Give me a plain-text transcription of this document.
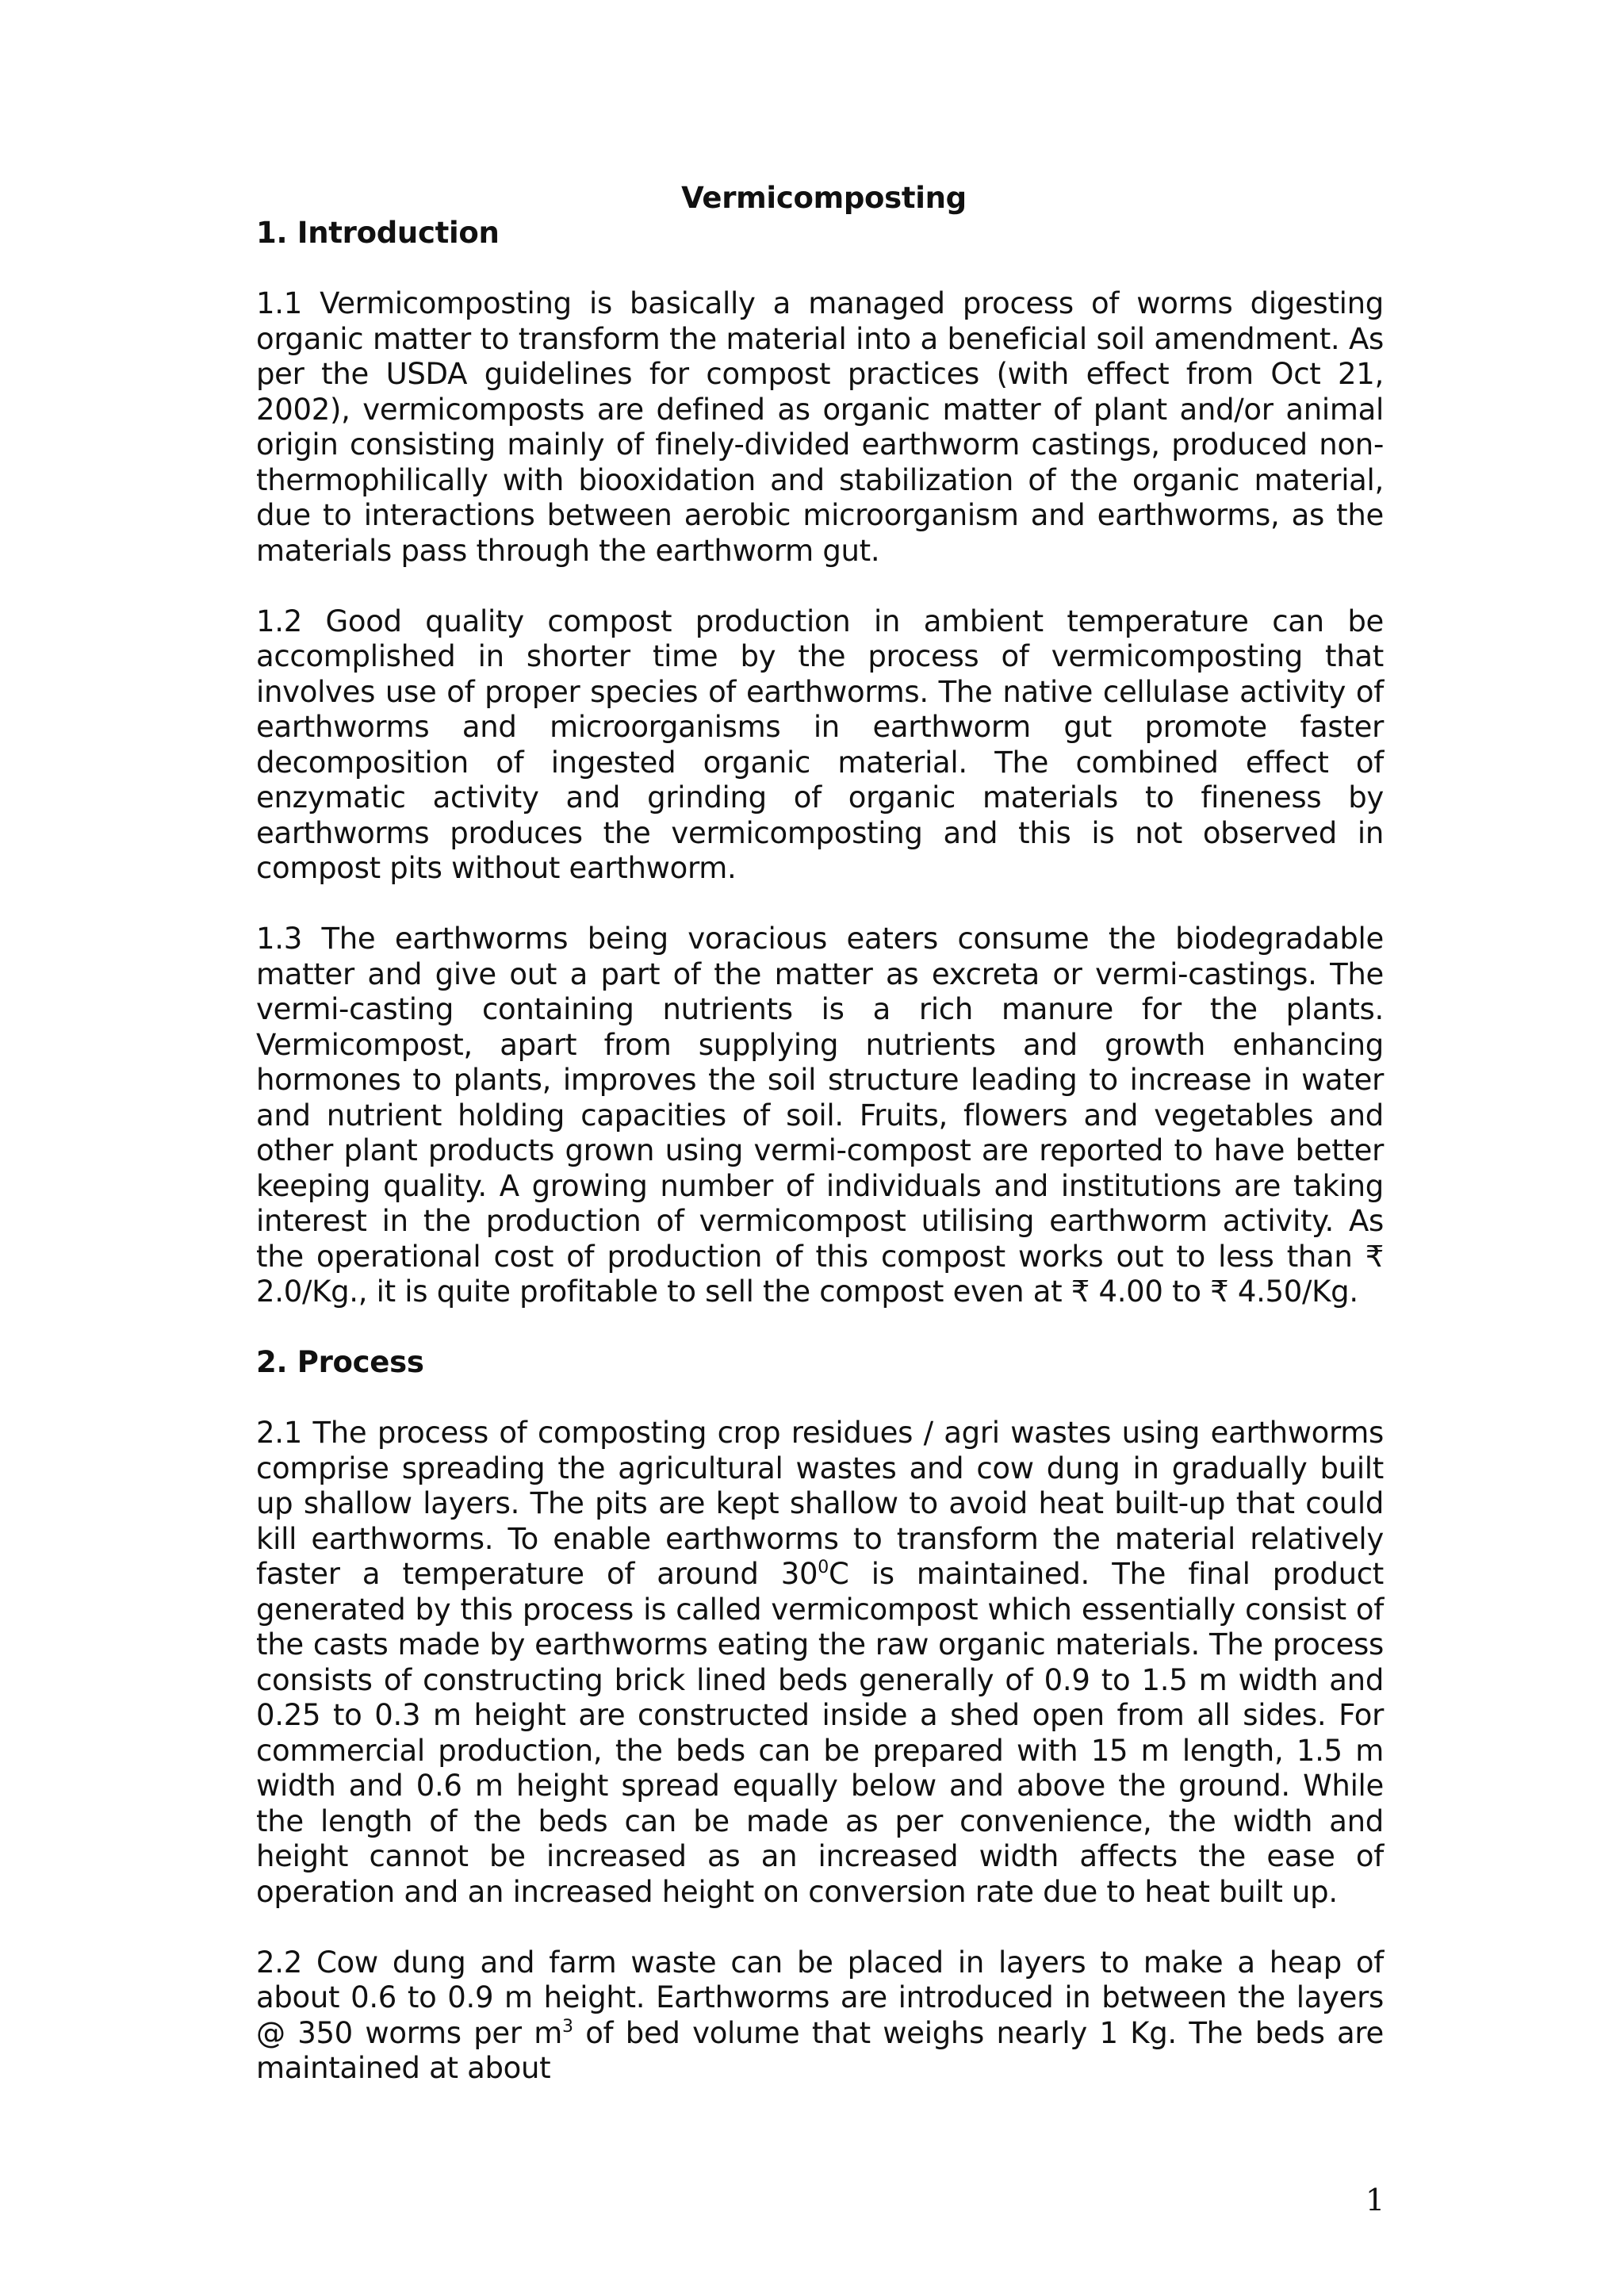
Vermicomposting
1. Introduction

1.1 Vermicomposting is basically a managed process of worms digesting organic matter to transform the material into a beneficial soil amendment. As per the USDA guidelines for compost practices (with effect from Oct 21, 2002), vermicomposts are defined as organic matter of plant and/or animal origin consisting mainly of finely-divided earthworm castings, produced non-thermophilically with biooxidation and stabilization of the organic material, due to interactions between aerobic microorganism and earthworms, as the materials pass through the earthworm gut.

1.2 Good quality compost production in ambient temperature can be accomplished in shorter time by the process of vermicomposting that involves use of proper species of earthworms. The native cellulase activity of earthworms and microorganisms in earthworm gut promote faster decomposition of ingested organic material. The combined effect of enzymatic activity and grinding of organic materials to fineness by earthworms produces the vermicomposting and this is not observed in compost pits without earthworm.

1.3 The earthworms being voracious eaters consume the biodegradable matter and give out a part of the matter as excreta or vermi-castings. The vermi-casting containing nutrients is a rich manure for the plants. Vermicompost, apart from supplying nutrients and growth enhancing hormones to plants, improves the soil structure leading to increase in water and nutrient holding capacities of soil. Fruits, flowers and vegetables and other plant products grown using vermi-compost are reported to have better keeping quality. A growing number of individuals and institutions are taking interest in the production of vermicompost utilising earthworm activity. As the operational cost of production of this compost works out to less than ₹ 2.0/Kg., it is quite profitable to sell the compost even at ₹ 4.00 to ₹ 4.50/Kg.

2. Process

2.1 The process of composting crop residues / agri wastes using earthworms comprise spreading the agricultural wastes and cow dung in gradually built up shallow layers. The pits are kept shallow to avoid heat built-up that could kill earthworms. To enable earthworms to transform the material relatively faster a temperature of around $30^0C$ is maintained. The final product generated by this process is called vermicompost which essentially consist of the casts made by earthworms eating the raw organic materials. The process consists of constructing brick lined beds generally of 0.9 to 1.5 m width and 0.25 to 0.3 m height are constructed inside a shed open from all sides. For commercial production, the beds can be prepared with 15 m length, 1.5 m width and 0.6 m height spread equally below and above the ground. While the length of the beds can be made as per convenience, the width and height cannot be increased as an increased width affects the ease of operation and an increased height on conversion rate due to heat built up.

2.2 Cow dung and farm waste can be placed in layers to make a heap of about 0.6 to 0.9 m height. Earthworms are introduced in between the layers @ 350 worms per $m^3$ of bed volume that weighs nearly 1 Kg. The beds are maintained at about

1
